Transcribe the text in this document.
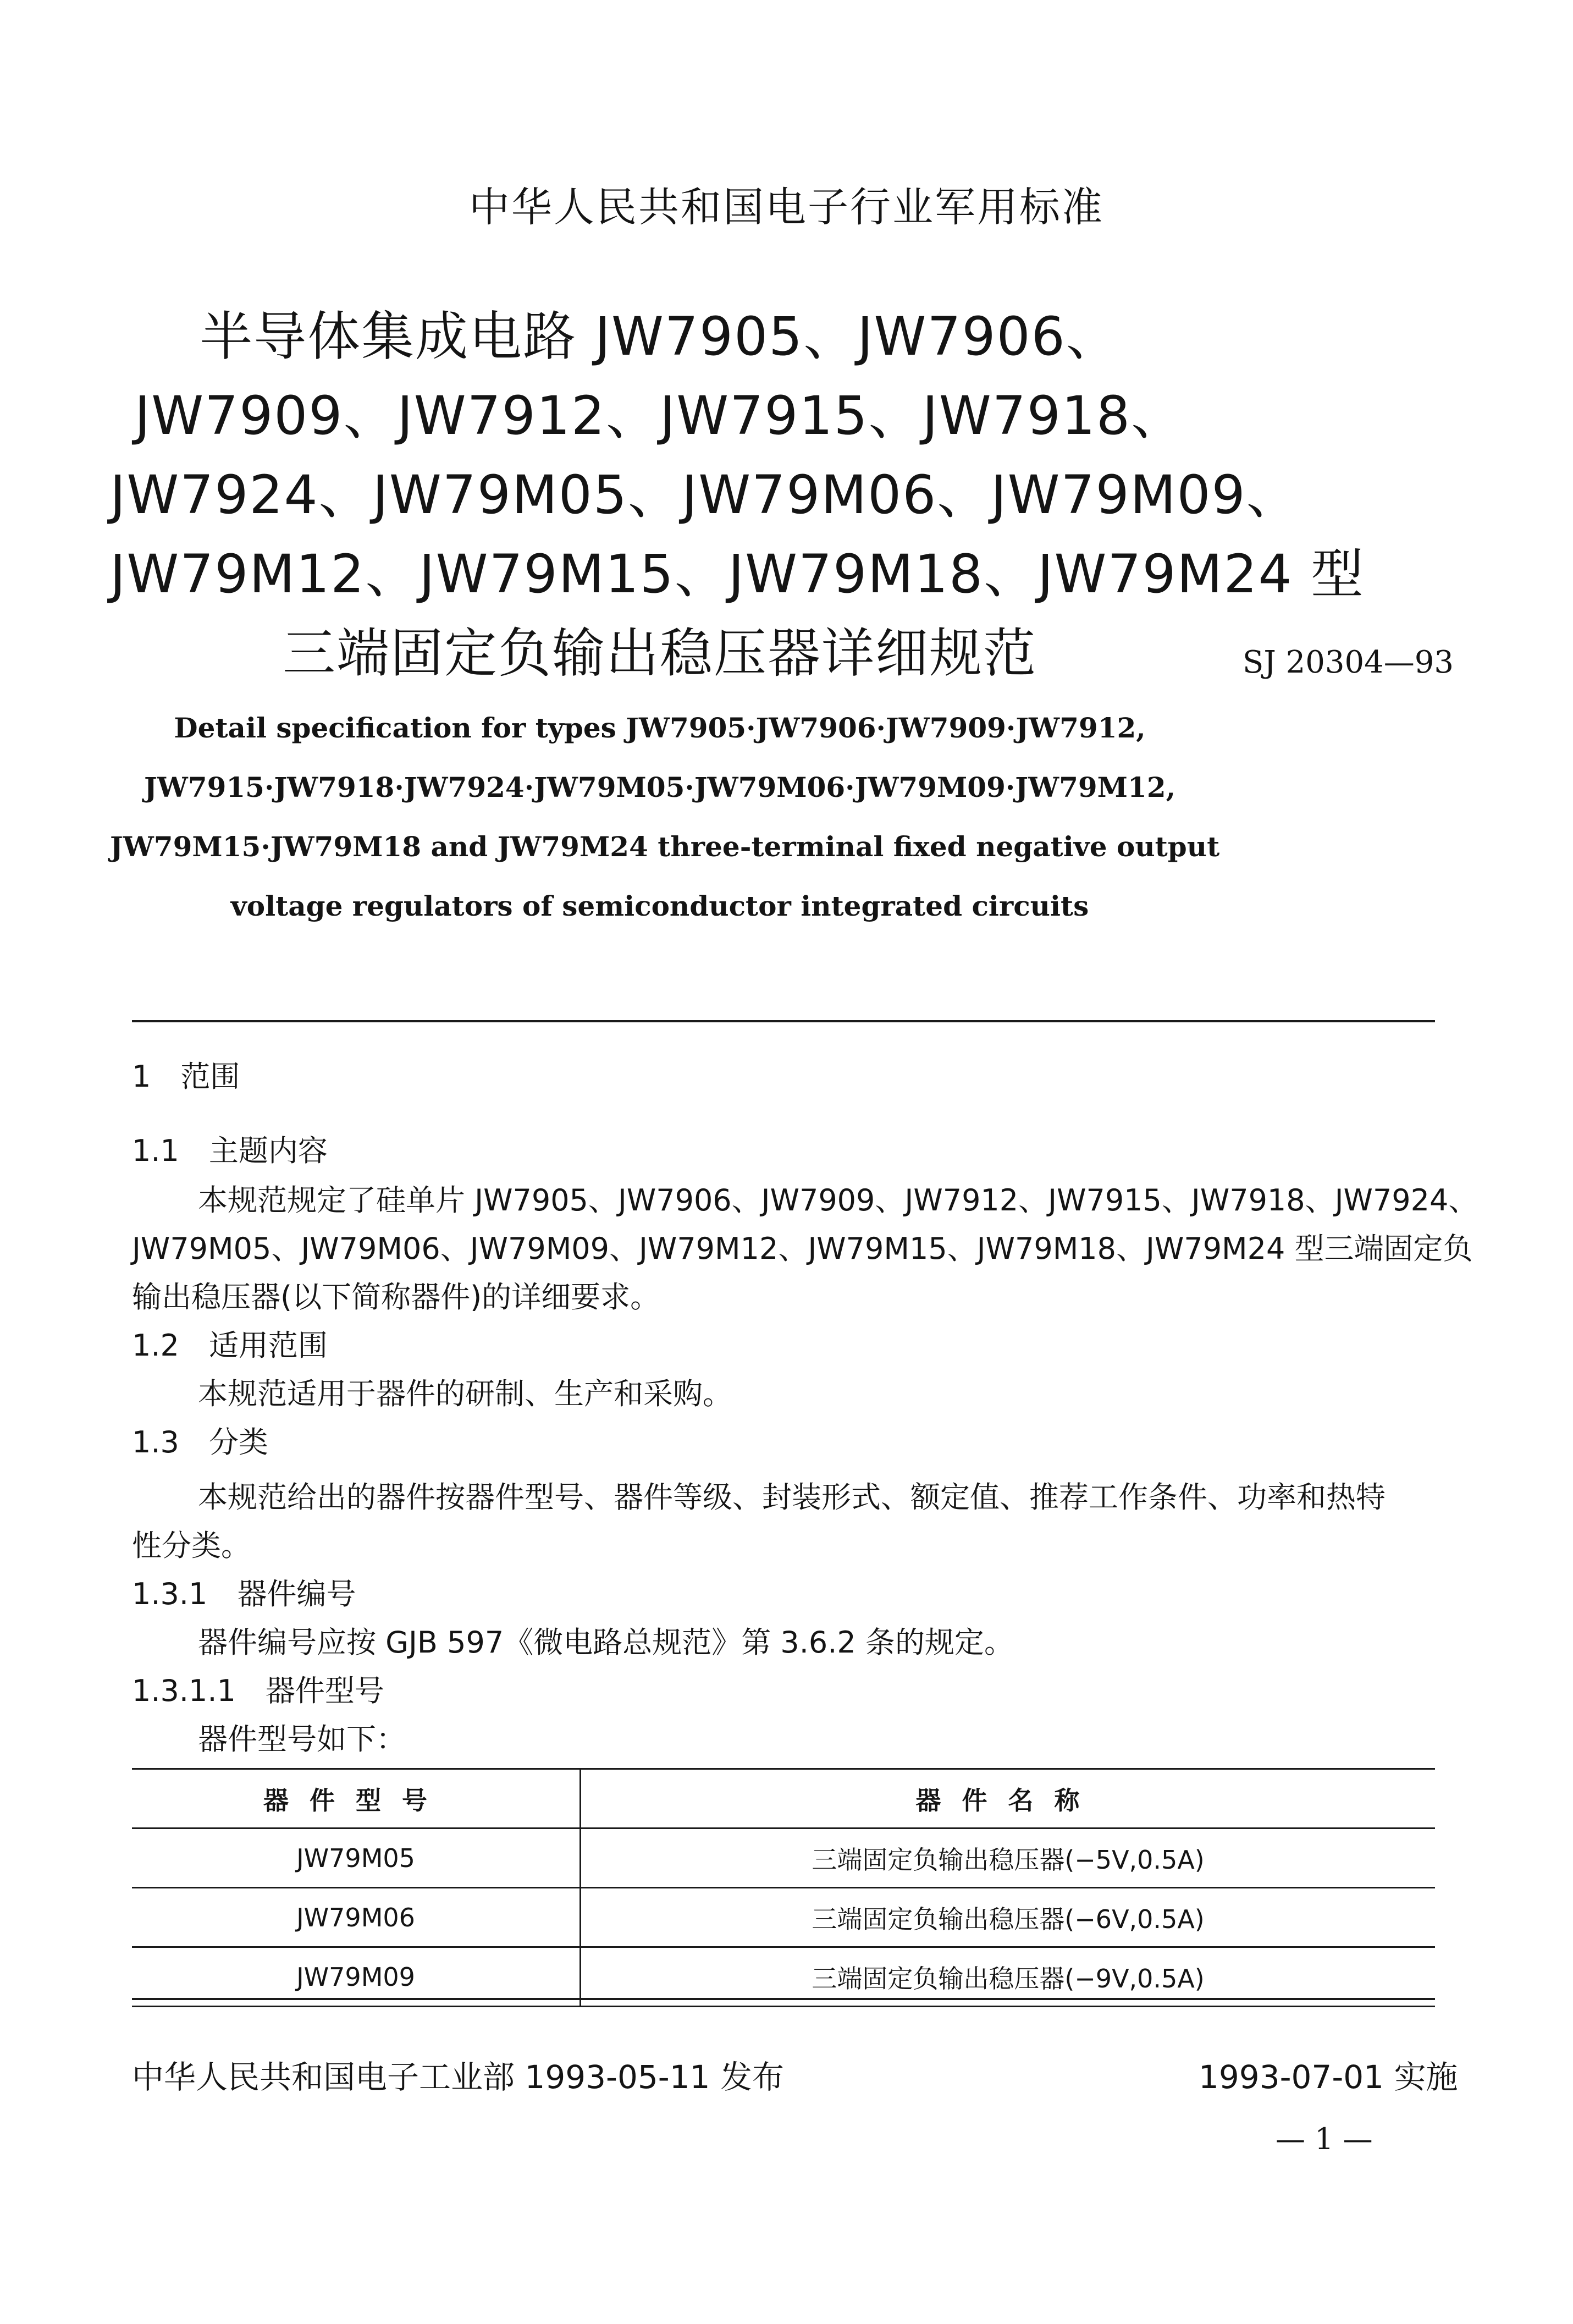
中华人民共和国电子行业军用标准
半导体集成电路 JW7905、JW7906、
JW7909、JW7912、JW7915、JW7918、
JW7924、JW79M05、JW79M06、JW79M09、
JW79M12、JW79M15、JW79M18、JW79M24 型
三端固定负输出稳压器详细规范	SJ 20304—93
Detail specification for types JW7905·JW7906·JW7909·JW7912,
JW7915·JW7918·JW7924·JW79M05·JW79M06·JW79M09·JW79M12,
JW79M15·JW79M18 and JW79M24 three-terminal fixed negative output
voltage regulators of semiconductor integrated circuits
1　范围
1.1　主题内容
本规范规定了硅单片 JW7905、JW7906、JW7909、JW7912、JW7915、JW7918、JW7924、
JW79M05、JW79M06、JW79M09、JW79M12、JW79M15、JW79M18、JW79M24 型三端固定负
输出稳压器(以下简称器件)的详细要求。
1.2　适用范围
本规范适用于器件的研制、生产和采购。
1.3　分类
本规范给出的器件按器件型号、器件等级、封装形式、额定值、推荐工作条件、功率和热特
性分类。
1.3.1　器件编号
器件编号应按 GJB 597《微电路总规范》第 3.6.2 条的规定。
1.3.1.1　器件型号
器件型号如下：
器件型号	器件名称
JW79M05	三端固定负输出稳压器(−5V,0.5A)
JW79M06	三端固定负输出稳压器(−6V,0.5A)
JW79M09	三端固定负输出稳压器(−9V,0.5A)
中华人民共和国电子工业部 1993-05-11 发布	1993-07-01 实施
— 1 —
